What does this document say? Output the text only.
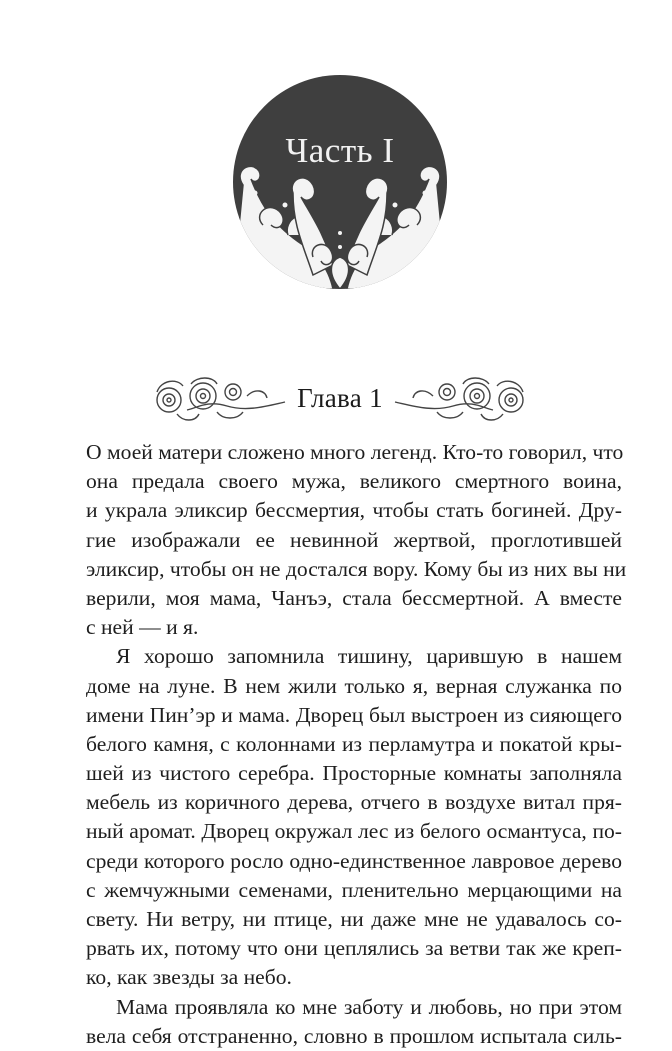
Часть I
Глава 1
О моей матери сложено много легенд. Кто-то говорил, что
она предала своего мужа, великого смертного воина,
и украла эликсир бессмертия, чтобы стать богиней. Дру-
гие изображали ее невинной жертвой, проглотившей
эликсир, чтобы он не достался вору. Кому бы из них вы ни
верили, моя мама, Чанъэ, стала бессмертной. А вместе
с ней — и я.
Я хорошо запомнила тишину, царившую в нашем
доме на луне. В нем жили только я, верная служанка по
имени Пин’эр и мама. Дворец был выстроен из сияющего
белого камня, с колоннами из перламутра и покатой кры-
шей из чистого серебра. Просторные комнаты заполняла
мебель из коричного дерева, отчего в воздухе витал пря-
ный аромат. Дворец окружал лес из белого османтуса, по-
среди которого росло одно-единственное лавровое дерево
с жемчужными семенами, пленительно мерцающими на
свету. Ни ветру, ни птице, ни даже мне не удавалось со-
рвать их, потому что они цеплялись за ветви так же креп-
ко, как звезды за небо.
Мама проявляла ко мне заботу и любовь, но при этом
вела себя отстраненно, словно в прошлом испытала силь-
